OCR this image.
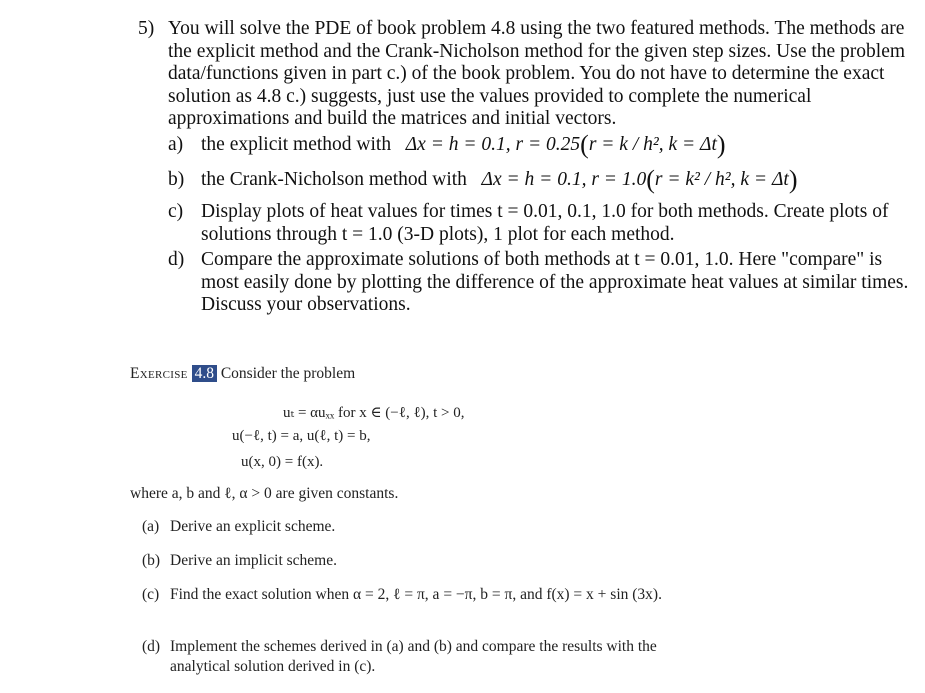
5) You will solve the PDE of book problem 4.8 using the two featured methods. The methods are the explicit method and the Crank-Nicholson method for the given step sizes. Use the problem data/functions given in part c.) of the book problem. You do not have to determine the exact solution as 4.8 c.) suggests, just use the values provided to complete the numerical approximations and build the matrices and initial vectors.
a) the explicit method with Δx = h = 0.1, r = 0.25(r = k / h², k = Δt)
b) the Crank-Nicholson method with Δx = h = 0.1, r = 1.0(r = k² / h², k = Δt)
c) Display plots of heat values for times t = 0.01, 0.1, 1.0 for both methods. Create plots of solutions through t = 1.0 (3-D plots), 1 plot for each method.
d) Compare the approximate solutions of both methods at t = 0.01, 1.0. Here "compare" is most easily done by plotting the difference of the approximate heat values at similar times. Discuss your observations.
Exercise 4.8 Consider the problem
uₜ = αuₓₓ for x ∈ (−ℓ, ℓ), t > 0,
u(−ℓ, t) = a, u(ℓ, t) = b,
u(x, 0) = f(x).
where a, b and ℓ, α > 0 are given constants.
(a) Derive an explicit scheme.
(b) Derive an implicit scheme.
(c) Find the exact solution when α = 2, ℓ = π, a = −π, b = π, and f(x) = x + sin (3x).
(d) Implement the schemes derived in (a) and (b) and compare the results with the analytical solution derived in (c).
